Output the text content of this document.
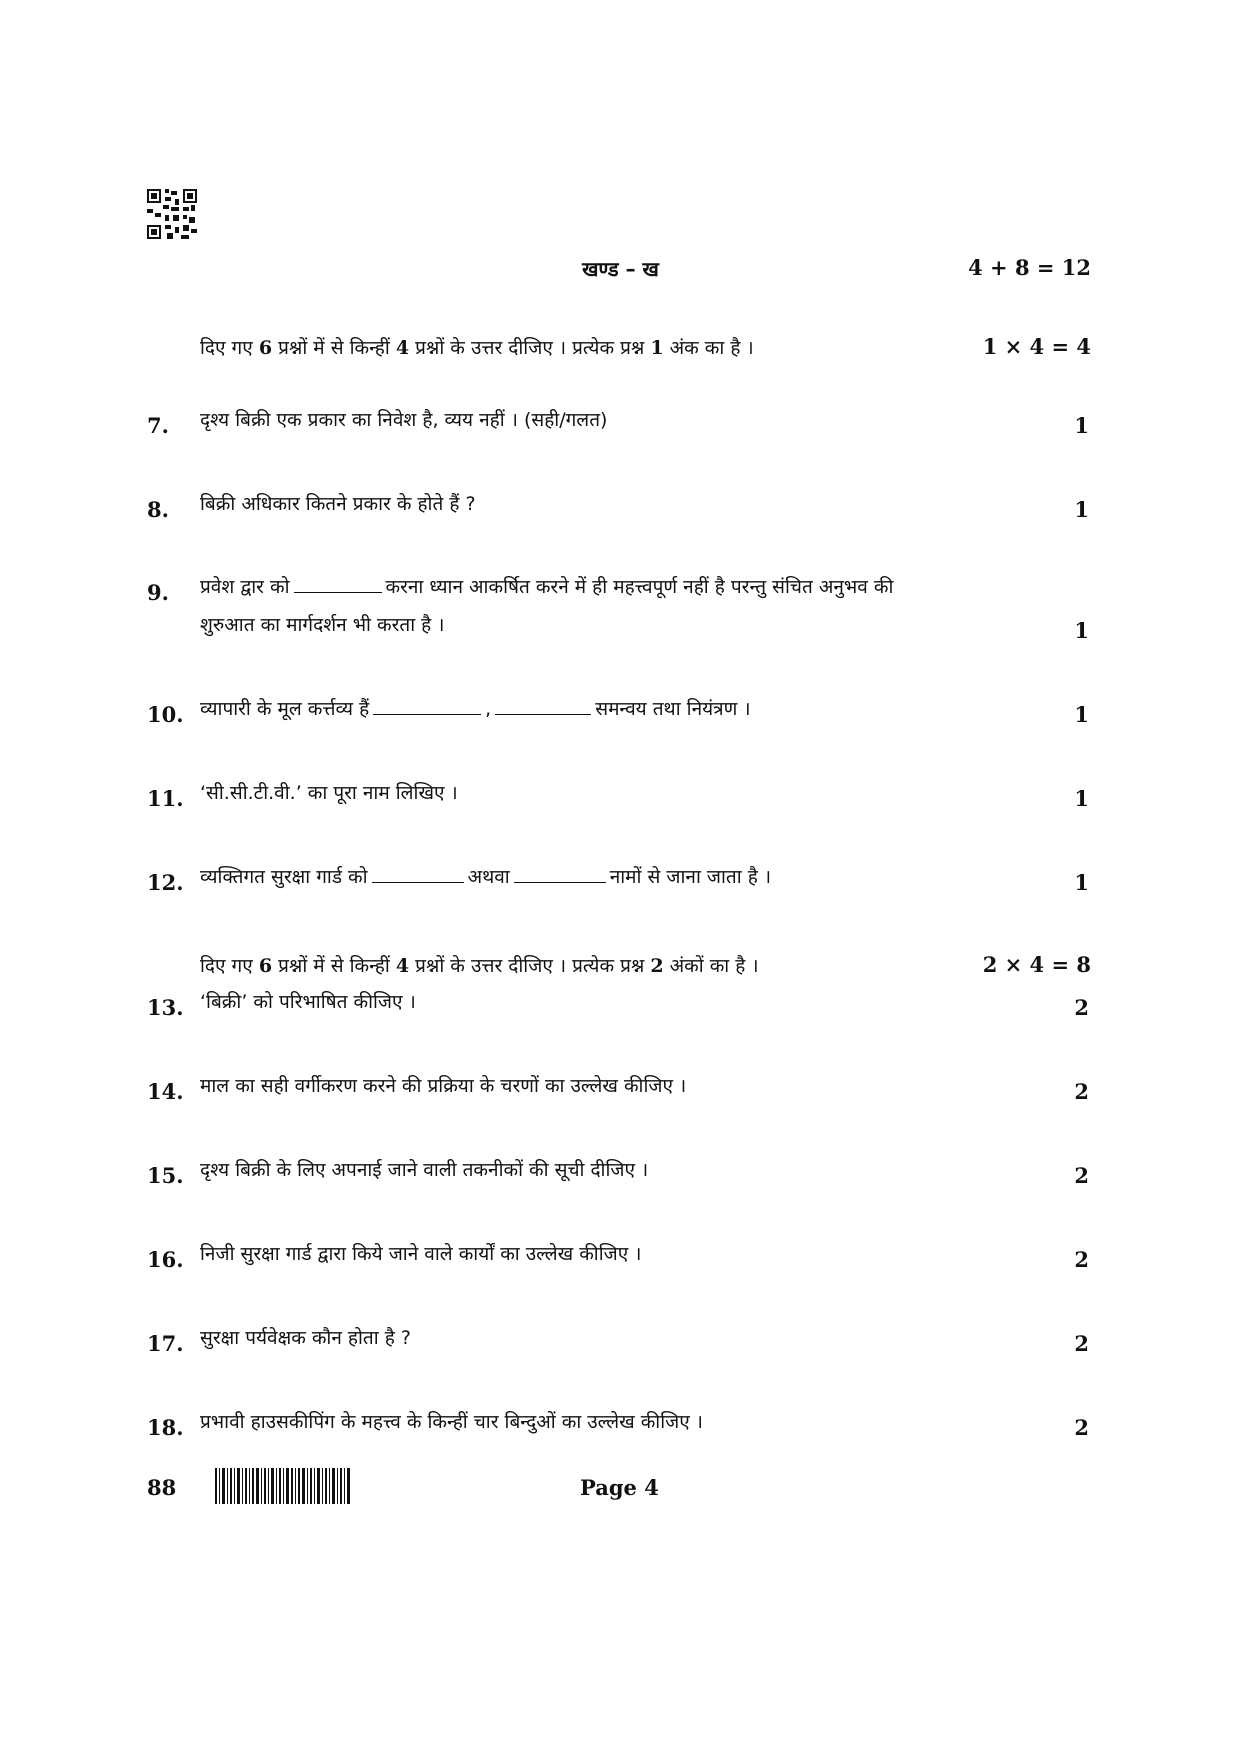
खण्ड – ख	4 + 8 = 12
दिए गए 6 प्रश्नों में से किन्हीं 4 प्रश्नों के उत्तर दीजिए । प्रत्येक प्रश्न 1 अंक का है ।	1 × 4 = 4
7.	दृश्य बिक्री एक प्रकार का निवेश है, व्यय नहीं । (सही/गलत)	1
8.	बिक्री अधिकार कितने प्रकार के होते हैं ?	1
9.	प्रवेश द्वार को	करना ध्यान आकर्षित करने में ही महत्त्वपूर्ण नहीं है परन्तु संचित अनुभव की
शुरुआत का मार्गदर्शन भी करता है ।	1
10. व्यापारी के मूल कर्त्तव्य हैं	,	समन्वय तथा नियंत्रण ।	1
11. ‘सी.सी.टी.वी.’ का पूरा नाम लिखिए ।	1
12. व्यक्तिगत सुरक्षा गार्ड को	अथवा	नामों से जाना जाता है ।	1
दिए गए 6 प्रश्नों में से किन्हीं 4 प्रश्नों के उत्तर दीजिए । प्रत्येक प्रश्न 2 अंकों का है ।	2 × 4 = 8
13. ‘बिक्री’ को परिभाषित कीजिए ।	2
14. माल का सही वर्गीकरण करने की प्रक्रिया के चरणों का उल्लेख कीजिए ।	2
15. दृश्य बिक्री के लिए अपनाई जाने वाली तकनीकों की सूची दीजिए ।	2
16. निजी सुरक्षा गार्ड द्वारा किये जाने वाले कार्यों का उल्लेख कीजिए ।	2
17. सुरक्षा पर्यवेक्षक कौन होता है ?	2
18. प्रभावी हाउसकीपिंग के महत्त्व के किन्हीं चार बिन्दुओं का उल्लेख कीजिए ।	2
88	Page 4
